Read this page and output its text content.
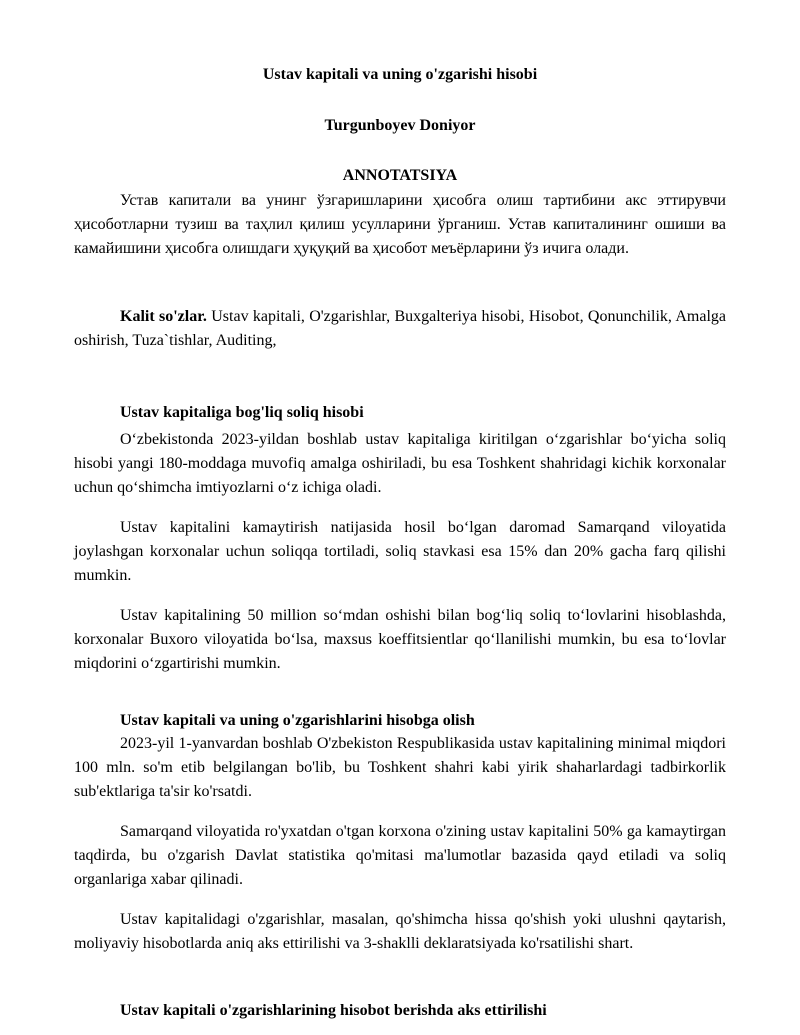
Ustav kapitali va uning o'zgarishi hisobi
Turgunboyev Doniyor
ANNOTATSIYA

Устав капитали ва унинг ўзгаришларини ҳисобга олиш тартибини акс эттирувчи ҳисоботларни тузиш ва таҳлил қилиш усулларини ўрганиш. Устав капиталининг ошиши ва камайишини ҳисобга олишдаги ҳуқуқий ва ҳисобот меъёрларини ўз ичига олади.

Kalit so'zlar. Ustav kapitali, O'zgarishlar, Buxgalteriya hisobi, Hisobot, Qonunchilik, Amalga oshirish, Tuza`tishlar, Auditing,

Ustav kapitaliga bog'liq soliq hisobi

Oʻzbekistonda 2023-yildan boshlab ustav kapitaliga kiritilgan oʻzgarishlar boʻyicha soliq hisobi yangi 180-moddaga muvofiq amalga oshiriladi, bu esa Toshkent shahridagi kichik korxonalar uchun qoʻshimcha imtiyozlarni oʻz ichiga oladi.

Ustav kapitalini kamaytirish natijasida hosil boʻlgan daromad Samarqand viloyatida joylashgan korxonalar uchun soliqqa tortiladi, soliq stavkasi esa 15% dan 20% gacha farq qilishi mumkin.

Ustav kapitalining 50 million soʻmdan oshishi bilan bogʻliq soliq toʻlovlarini hisoblashda, korxonalar Buxoro viloyatida boʻlsa, maxsus koeffitsientlar qoʻllanilishi mumkin, bu esa toʻlovlar miqdorini oʻzgartirishi mumkin.

Ustav kapitali va uning o'zgarishlarini hisobga olish

2023-yil 1-yanvardan boshlab O'zbekiston Respublikasida ustav kapitalining minimal miqdori 100 mln. so'm etib belgilangan bo'lib, bu Toshkent shahri kabi yirik shaharlardagi tadbirkorlik sub'ektlariga ta'sir ko'rsatdi.

Samarqand viloyatida ro'yxatdan o'tgan korxona o'zining ustav kapitalini 50% ga kamaytirgan taqdirda, bu o'zgarish Davlat statistika qo'mitasi ma'lumotlar bazasida qayd etiladi va soliq organlariga xabar qilinadi.

Ustav kapitalidagi o'zgarishlar, masalan, qo'shimcha hissa qo'shish yoki ulushni qaytarish, moliyaviy hisobotlarda aniq aks ettirilishi va 3-shaklli deklaratsiyada ko'rsatilishi shart.

Ustav kapitali o'zgarishlarining hisobot berishda aks ettirilishi
